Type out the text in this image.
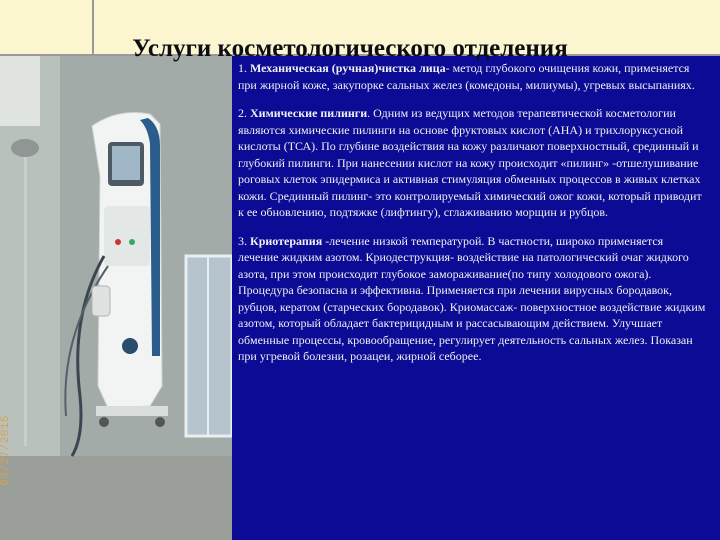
Услуги косметологического отделения
03/27/2015

1. Механическая (ручная)чистка лица- метод глубокого очищения кожи, применяется при жирной коже, закупорке сальных желез (комедоны, милиумы), угревых высыпаниях.

2. Химические пилинги. Одним из ведущих методов терапевтической косметологии являются химические пилинги на основе фруктовых кислот (АНА) и трихлоруксусной кислоты (ТСА). По глубине воздействия на кожу различают поверхностный, срединный и глубокий пилинги. При нанесении кислот на кожу происходит «пилинг» -отшелушивание роговых клеток эпидермиса и активная стимуляция обменных процессов в живых клетках кожи. Срединный пилинг- это контролируемый химический ожог кожи, который приводит к ее обновлению, подтяжке (лифтингу), сглаживанию морщин и рубцов.

3. Криотерапия -лечение низкой температурой. В частности, широко применяется лечение жидким азотом. Криодеструкция- воздействие на патологический очаг жидкого азота, при этом происходит глубокое замораживание(по типу холодового ожога). Процедура безопасна и эффективна. Применяется при лечении вирусных бородавок, рубцов, кератом (старческих бородавок). Криомассаж- поверхностное воздействие жидким азотом, который обладает бактерицидным и рассасывающим действием. Улучшает обменные процессы, кровообращение, регулирует деятельность сальных желез. Показан при угревой болезни, розацеи, жирной себорее.
